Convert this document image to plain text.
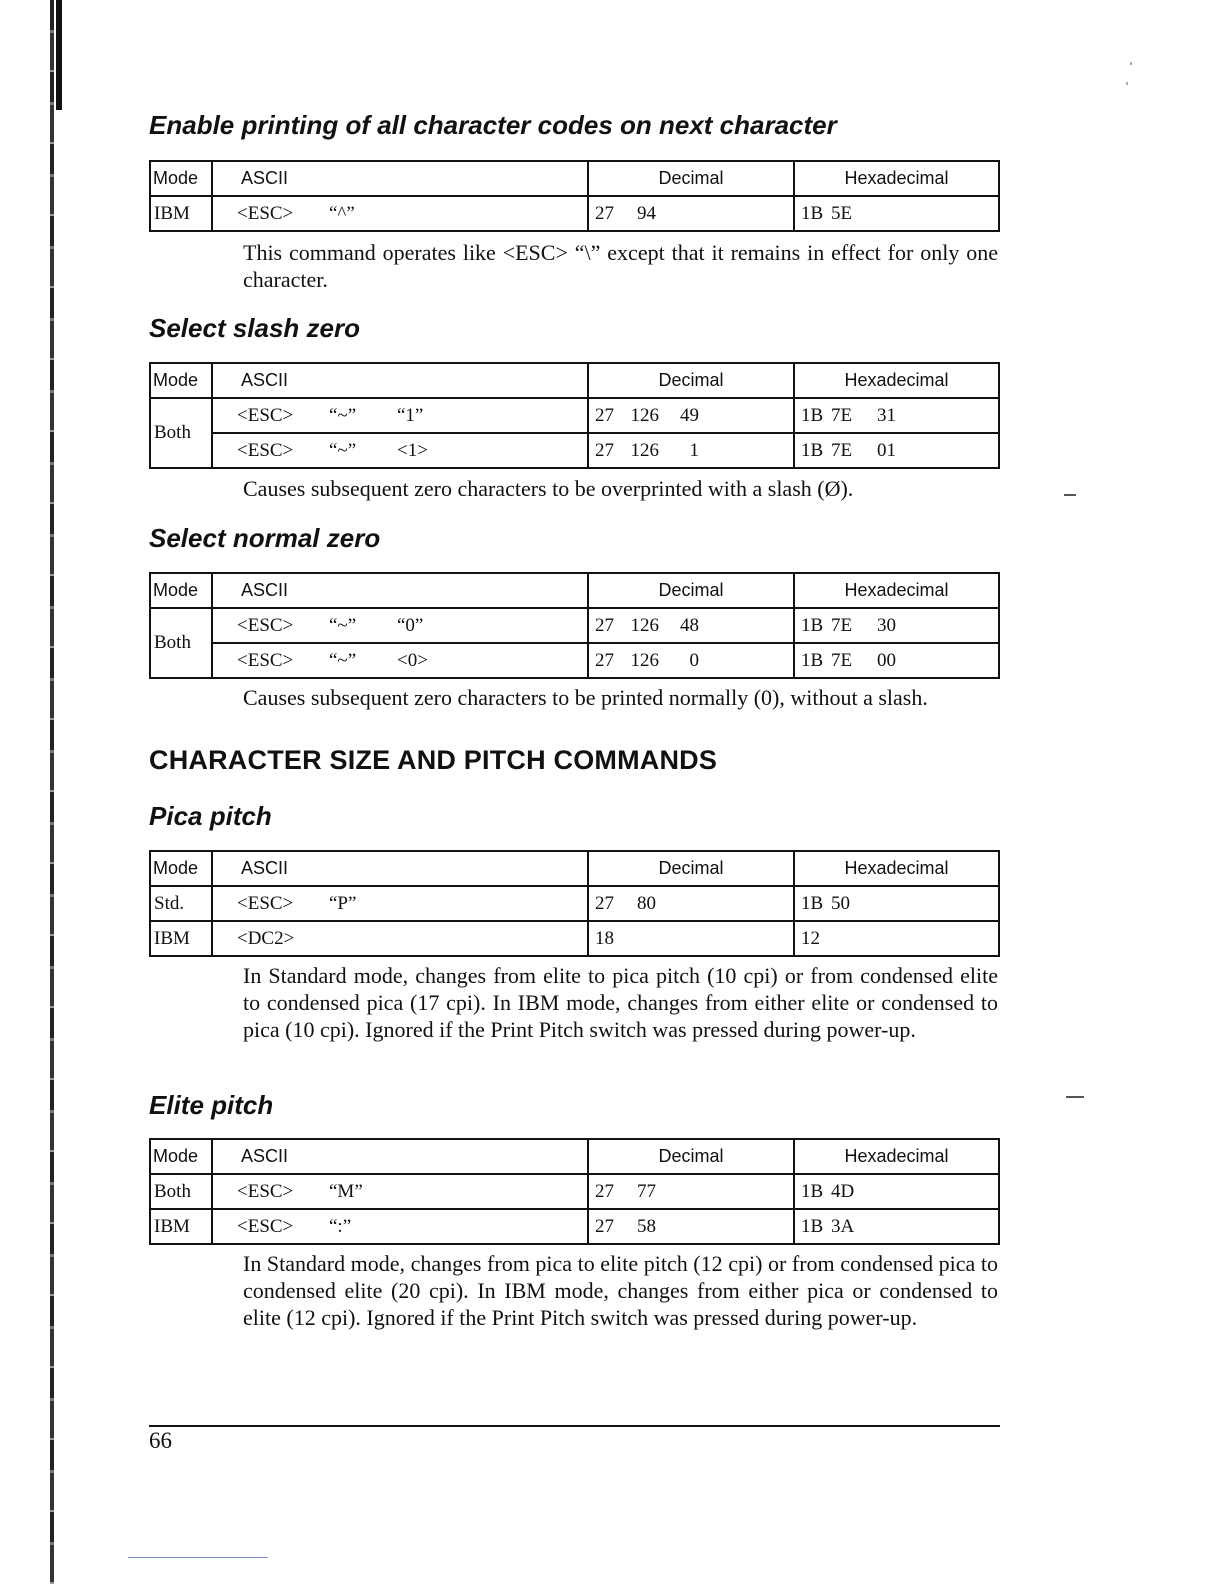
Enable printing of all character codes on next character
Mode	ASCII	Decimal	Hexadecimal
IBM	<ESC> “^”	27 94	1B 5E

This command operates like <ESC> “\” except that it remains in effect for only one character.

Select slash zero
Mode	ASCII	Decimal	Hexadecimal
Both	<ESC> “~” “1”	27 126 49	1B 7E 31
	<ESC> “~” <1>	27 126 1	1B 7E 01

Causes subsequent zero characters to be overprinted with a slash (Ø).

Select normal zero
Mode	ASCII	Decimal	Hexadecimal
Both	<ESC> “~” “0”	27 126 48	1B 7E 30
	<ESC> “~” <0>	27 126 0	1B 7E 00

Causes subsequent zero characters to be printed normally (0), without a slash.

CHARACTER SIZE AND PITCH COMMANDS
Pica pitch
Mode	ASCII	Decimal	Hexadecimal
Std.	<ESC> “P”	27 80	1B 50
IBM	<DC2>	18	12

In Standard mode, changes from elite to pica pitch (10 cpi) or from condensed elite to condensed pica (17 cpi). In IBM mode, changes from either elite or condensed to pica (10 cpi). Ignored if the Print Pitch switch was pressed during power-up.

Elite pitch
Mode	ASCII	Decimal	Hexadecimal
Both	<ESC> “M”	27 77	1B 4D
IBM	<ESC> “:”	27 58	1B 3A

In Standard mode, changes from pica to elite pitch (12 cpi) or from condensed pica to condensed elite (20 cpi). In IBM mode, changes from either pica or condensed to elite (12 cpi). Ignored if the Print Pitch switch was pressed during power-up.

66
